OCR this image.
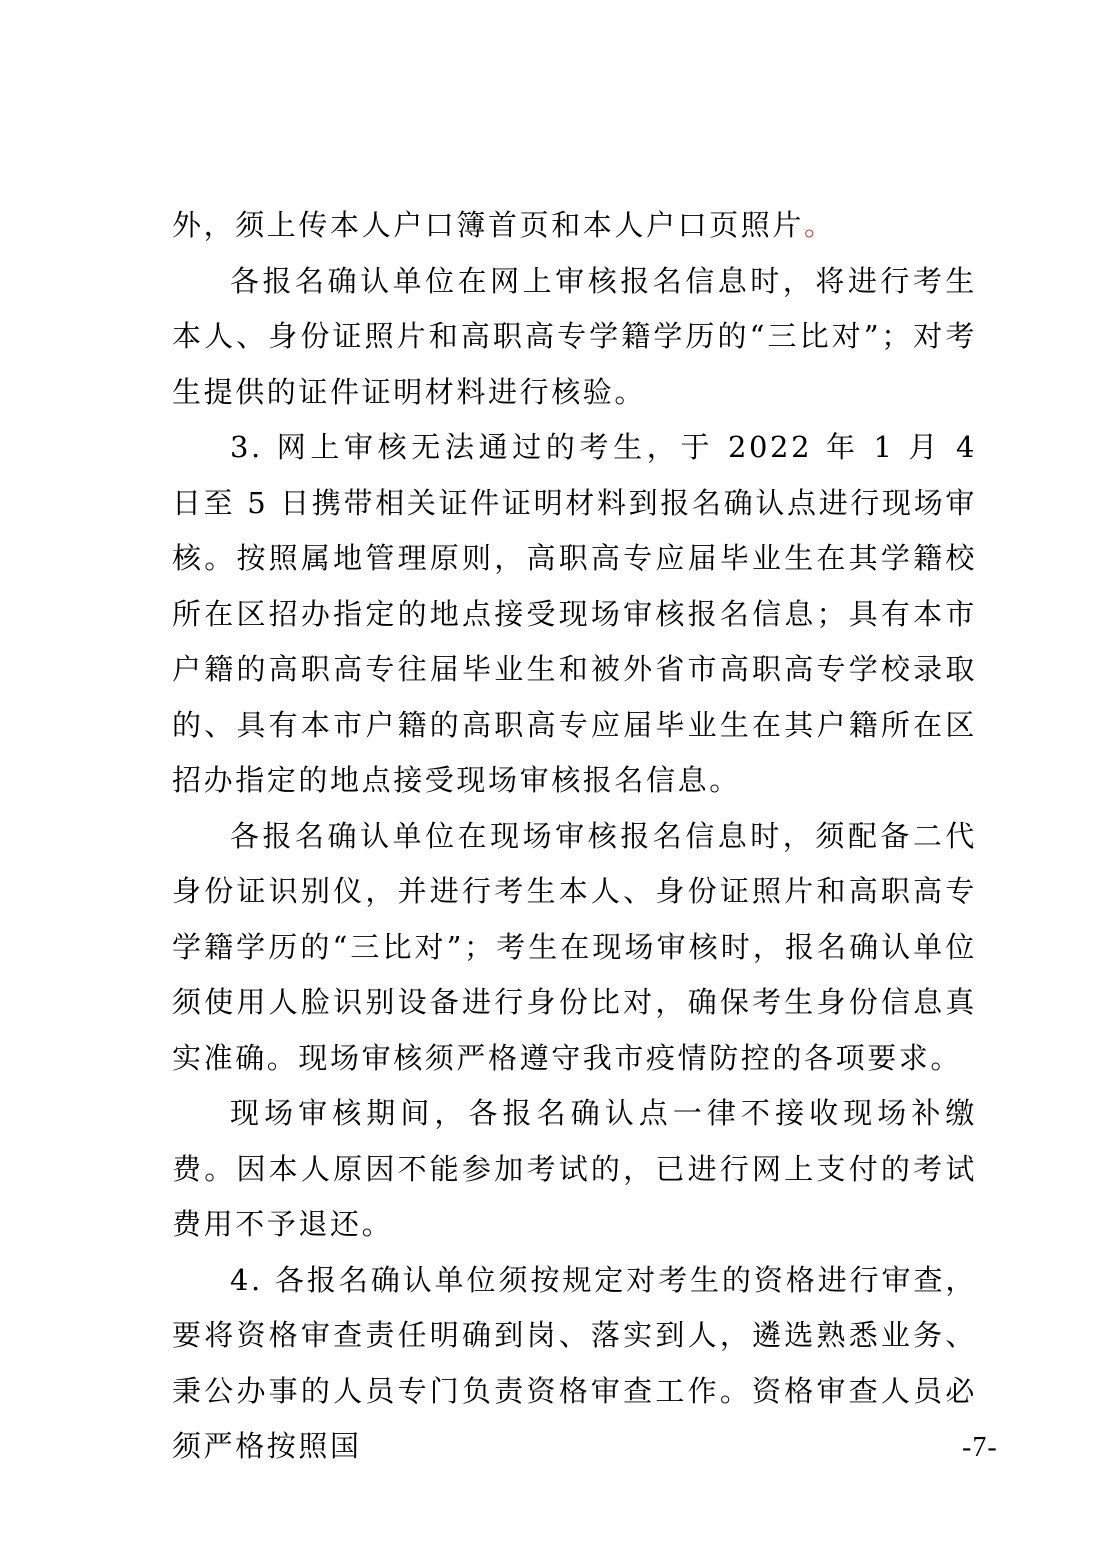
外，须上传本人户口簿首页和本人户口页照片。

各报名确认单位在网上审核报名信息时，将进行考生本人、身份证照片和高职高专学籍学历的“三比对”；对考生提供的证件证明材料进行核验。

3. 网上审核无法通过的考生，于 2022 年 1 月 4 日至 5 日携带相关证件证明材料到报名确认点进行现场审核。按照属地管理原则，高职高专应届毕业生在其学籍校所在区招办指定的地点接受现场审核报名信息；具有本市户籍的高职高专往届毕业生和被外省市高职高专学校录取的、具有本市户籍的高职高专应届毕业生在其户籍所在区招办指定的地点接受现场审核报名信息。

各报名确认单位在现场审核报名信息时，须配备二代身份证识别仪，并进行考生本人、身份证照片和高职高专学籍学历的“三比对”；考生在现场审核时，报名确认单位须使用人脸识别设备进行身份比对，确保考生身份信息真实准确。现场审核须严格遵守我市疫情防控的各项要求。

现场审核期间，各报名确认点一律不接收现场补缴费。因本人原因不能参加考试的，已进行网上支付的考试费用不予退还。

4. 各报名确认单位须按规定对考生的资格进行审查，要将资格审查责任明确到岗、落实到人，遴选熟悉业务、秉公办事的人员专门负责资格审查工作。资格审查人员必须严格按照国	-7-
